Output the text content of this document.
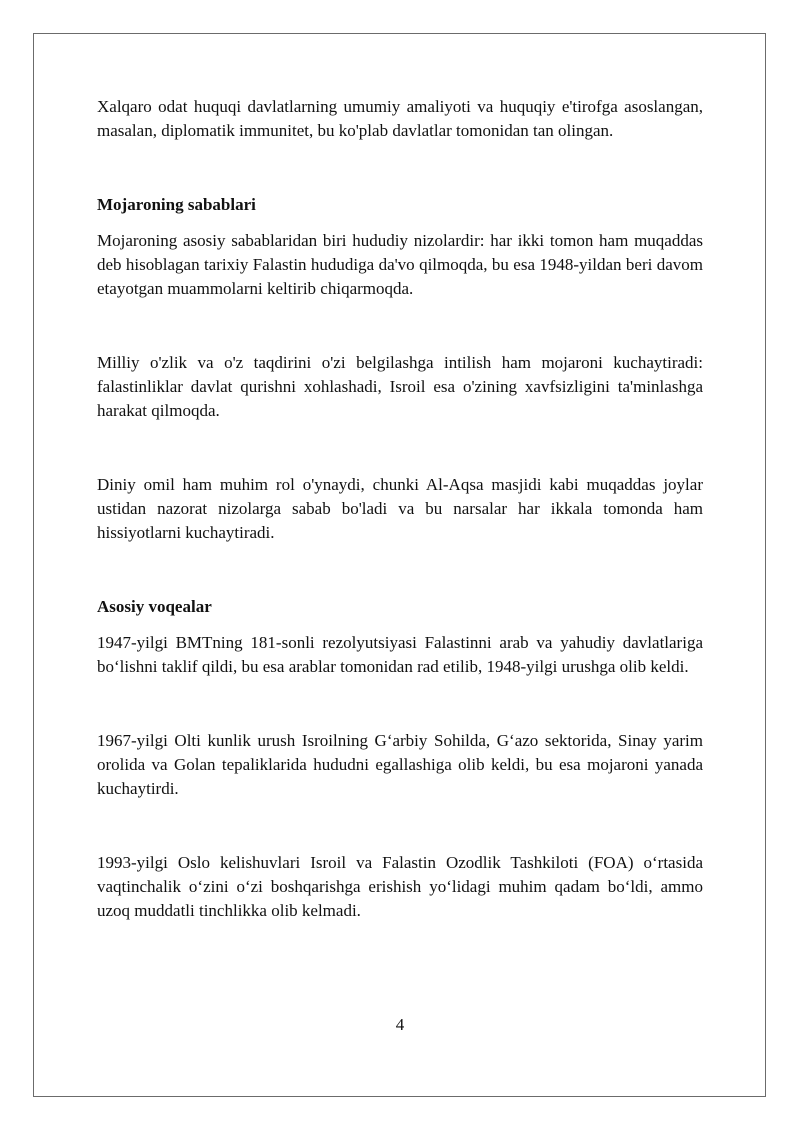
Xalqaro odat huquqi davlatlarning umumiy amaliyoti va huquqiy e'tirofga asoslangan, masalan, diplomatik immunitet, bu ko'plab davlatlar tomonidan tan olingan.

Mojaroning sabablari

Mojaroning asosiy sabablaridan biri hududiy nizolardir: har ikki tomon ham muqaddas deb hisoblagan tarixiy Falastin hududiga da'vo qilmoqda, bu esa 1948-yildan beri davom etayotgan muammolarni keltirib chiqarmoqda.

Milliy o'zlik va o'z taqdirini o'zi belgilashga intilish ham mojaroni kuchaytiradi: falastinliklar davlat qurishni xohlashadi, Isroil esa o'zining xavfsizligini ta'minlashga harakat qilmoqda.

Diniy omil ham muhim rol o'ynaydi, chunki Al-Aqsa masjidi kabi muqaddas joylar ustidan nazorat nizolarga sabab bo'ladi va bu narsalar har ikkala tomonda ham hissiyotlarni kuchaytiradi.

Asosiy voqealar

1947-yilgi BMTning 181-sonli rezolyutsiyasi Falastinni arab va yahudiy davlatlariga bo‘lishni taklif qildi, bu esa arablar tomonidan rad etilib, 1948-yilgi urushga olib keldi.

1967-yilgi Olti kunlik urush Isroilning G‘arbiy Sohilda, G‘azo sektorida, Sinay yarim orolida va Golan tepaliklarida hududni egallashiga olib keldi, bu esa mojaroni yanada kuchaytirdi.

1993-yilgi Oslo kelishuvlari Isroil va Falastin Ozodlik Tashkiloti (FOA) o‘rtasida vaqtinchalik o‘zini o‘zi boshqarishga erishish yo‘lidagi muhim qadam bo‘ldi, ammo uzoq muddatli tinchlikka olib kelmadi.

4
